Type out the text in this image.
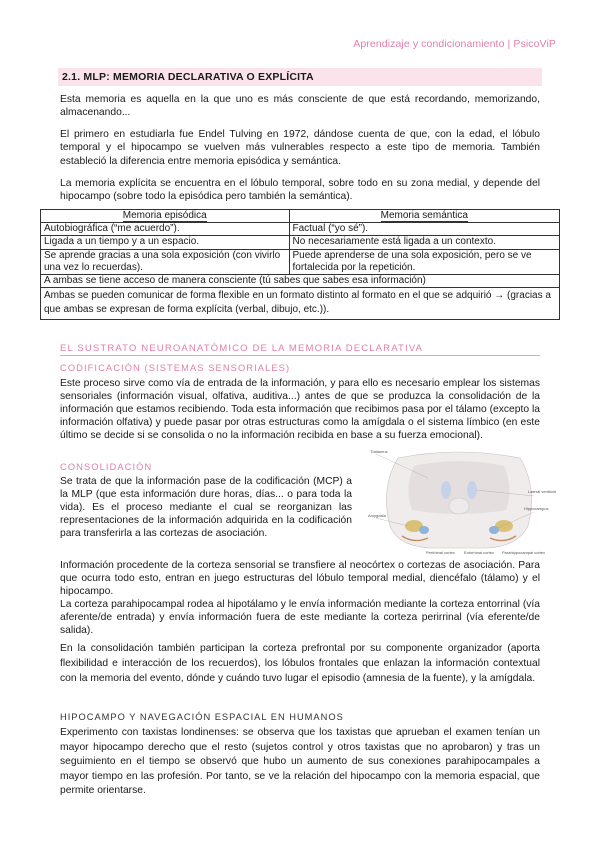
Aprendizaje y condicionamiento | PsicoViP
2.1. MLP: MEMORIA DECLARATIVA O EXPLÍCITA

Esta memoria es aquella en la que uno es más consciente de que está recordando, memorizando, almacenando...

El primero en estudiarla fue Endel Tulving en 1972, dándose cuenta de que, con la edad, el lóbulo temporal y el hipocampo se vuelven más vulnerables respecto a este tipo de memoria. También estableció la diferencia entre memoria episódica y semántica.

La memoria explícita se encuentra en el lóbulo temporal, sobre todo en su zona medial, y depende del hipocampo (sobre todo la episódica pero también la semántica).

Memoria episódica	Memoria semántica
Autobiográfica (“me acuerdo”).	Factual (“yo sé”).
Ligada a un tiempo y a un espacio.	No necesariamente está ligada a un contexto.
Se aprende gracias a una sola exposición (con vivirlo una vez lo recuerdas).	Puede aprenderse de una sola exposición, pero se ve fortalecida por la repetición.
A ambas se tiene acceso de manera consciente (tú sabes que sabes esa información)	
Ambas se pueden comunicar de forma flexible en un formato distinto al formato en el que se adquirió → (gracias a que ambas se expresan de forma explícita (verbal, dibujo, etc.)).	
EL SUSTRATO NEUROANATÓMICO DE LA MEMORIA DECLARATIVA
CODIFICACIÓN (SISTEMAS SENSORIALES)

Este proceso sirve como vía de entrada de la información, y para ello es necesario emplear los sistemas sensoriales (información visual, olfativa, auditiva...) antes de que se produzca la consolidación de la información que estamos recibiendo. Toda esta información que recibimos pasa por el tálamo (excepto la información olfativa) y puede pasar por otras estructuras como la amígdala o el sistema límbico (en este último se decide si se consolida o no la información recibida en base a su fuerza emocional).

CONSOLIDACIÓN

Se trata de que la información pase de la codificación (MCP) a la MLP (que esta información dure horas, días... o para toda la vida). Es el proceso mediante el cual se reorganizan las representaciones de la información adquirida en la codificación para transferirla a las cortezas de asociación.

Thalamus
Amygdala
Lateral ventricle
Hippocampus
Perirhinal cortex Entorhinal cortex Parahippocampal cortex

Información procedente de la corteza sensorial se transfiere al neocórtex o cortezas de asociación. Para que ocurra todo esto, entran en juego estructuras del lóbulo temporal medial, diencéfalo (tálamo) y el hipocampo.

La corteza parahipocampal rodea al hipotálamo y le envía información mediante la corteza entorrinal (vía aferente/de entrada) y envía información fuera de este mediante la corteza perirrinal (vía eferente/de salida).

En la consolidación también participan la corteza prefrontal por su componente organizador (aporta flexibilidad e interacción de los recuerdos), los lóbulos frontales que enlazan la información contextual con la memoria del evento, dónde y cuándo tuvo lugar el episodio (amnesia de la fuente), y la amígdala.

HIPOCAMPO Y NAVEGACIÓN ESPACIAL EN HUMANOS

Experimento con taxistas londinenses: se observa que los taxistas que aprueban el examen tenían un mayor hipocampo derecho que el resto (sujetos control y otros taxistas que no aprobaron) y tras un seguimiento en el tiempo se observó que hubo un aumento de sus conexiones parahipocampales a mayor tiempo en las profesión. Por tanto, se ve la relación del hipocampo con la memoria espacial, que permite orientarse.
